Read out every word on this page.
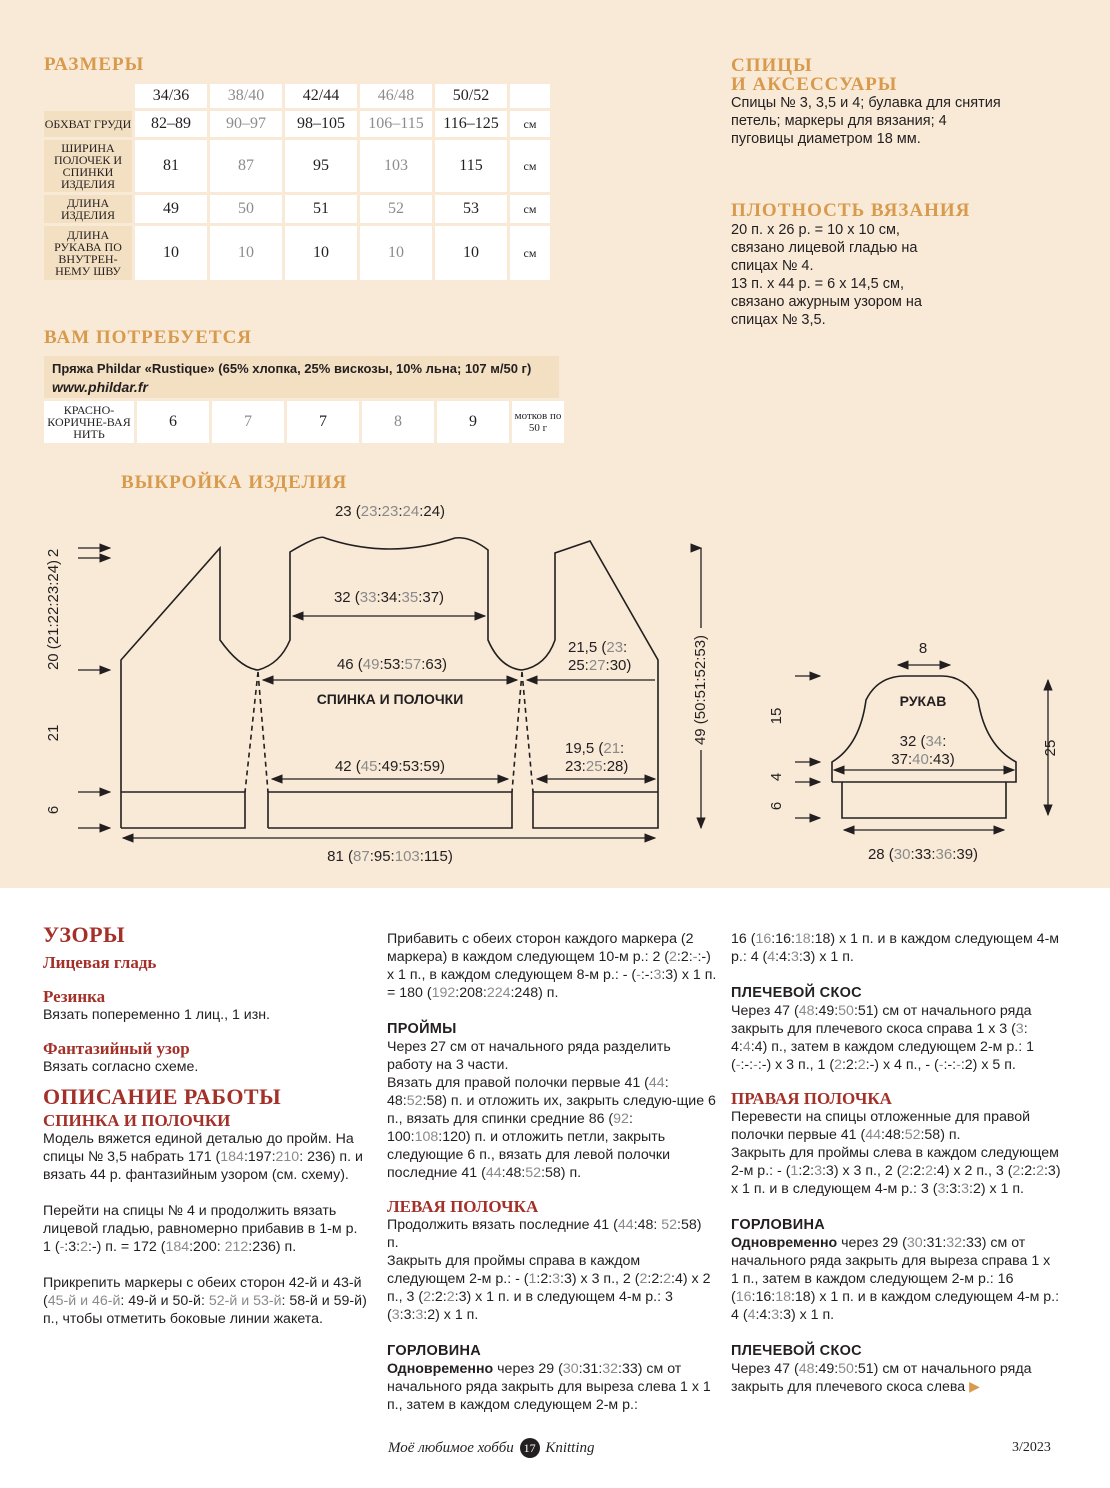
РАЗМЕРЫ
	34/36	38/40	42/44	46/48	50/52	
ОБХВАТ ГРУДИ	82–89	90–97	98–105	106–115	116–125	см
ШИРИНА ПОЛОЧЕК И СПИНКИ ИЗДЕЛИЯ	81	87	95	103	115	см
ДЛИНА ИЗДЕЛИЯ	49	50	51	52	53	см
ДЛИНА РУКАВА ПО ВНУТРЕН-НЕМУ ШВУ	10	10	10	10	10	см
СПИЦЫ
И АКСЕССУАРЫ
Спицы № 3, 3,5 и 4; булавка для снятия петель; маркеры для вязания; 4 пуговицы диаметром 18 мм.
ПЛОТНОСТЬ ВЯЗАНИЯ
20 п. х 26 р. = 10 х 10 см,
связано лицевой гладью на
спицах № 4.
13 п. х 44 р. = 6 х 14,5 см,
связано ажурным узором на
спицах № 3,5.
ВАМ ПОТРЕБУЕТСЯ
Пряжа Phildar «Rustique» (65% хлопка, 25% вискозы, 10% льна; 107 м/50 г)
www.phildar.fr
КРАСНО-КОРИЧНЕ-ВАЯ НИТЬ	6	7	7	8	9	мотков по 50 г
ВЫКРОЙКА ИЗДЕЛИЯ
23 (23:23:24:24)
32 (33:34:35:37)
46 (49:53:57:63)
СПИНКА И ПОЛОЧКИ
42 (45:49:53:59)
81 (87:95:103:115)
21,5 (23:
25:27:30)
19,5 (21:
23:25:28)
2
20 (21:22:23:24)
21
6
49 (50:51:52:53)	8
РУКАВ
32 (34:
37:40:43)
28 (30:33:36:39)
15
4
6
25
УЗОРЫ
Лицевая гладь
Резинка

Вязать попеременно 1 лиц., 1 изн.

Фантазийный узор

Вязать согласно схеме.

ОПИСАНИЕ РАБОТЫ
СПИНКА И ПОЛОЧКИ

Модель вяжется единой деталью до пройм. На спицы № 3,5 набрать 171 (184:197:210: 236) п. и вязать 44 р. фантазийным узором (см. схему).

Перейти на спицы № 4 и продолжить вязать лицевой гладью, равномерно прибавив в 1-м р. 1 (-:3:2:-) п. = 172 (184:200: 212:236) п.

Прикрепить маркеры с обеих сторон 42-й и 43-й (45-й и 46-й: 49-й и 50-й: 52-й и 53-й: 58-й и 59-й) п., чтобы отметить боковые линии жакета.

Прибавить с обеих сторон каждого маркера (2 маркера) в каждом следующем 10-м р.: 2 (2:2:-:-) х 1 п., в каждом следующем 8-м р.: - (-:-:3:3) х 1 п. = 180 (192:208:224:248) п.

ПРОЙМЫ

Через 27 см от начального ряда разделить работу на 3 части.

Вязать для правой полочки первые 41 (44: 48:52:58) п. и отложить их, закрыть следую-щие 6 п., вязать для спинки средние 86 (92: 100:108:120) п. и отложить петли, закрыть следующие 6 п., вязать для левой полочки последние 41 (44:48:52:58) п.

ЛЕВАЯ ПОЛОЧКА

Продолжить вязать последние 41 (44:48: 52:58) п.

Закрыть для проймы справа в каждом следующем 2-м р.: - (1:2:3:3) х 3 п., 2 (2:2:2:4) х 2 п., 3 (2:2:2:3) х 1 п. и в следующем 4-м р.: 3 (3:3:3:2) х 1 п.

ГОРЛОВИНА

Одновременно через 29 (30:31:32:33) см от начального ряда закрыть для выреза слева 1 х 1 п., затем в каждом следующем 2-м р.:

16 (16:16:18:18) х 1 п. и в каждом следующем 4-м р.: 4 (4:4:3:3) х 1 п.

ПЛЕЧЕВОЙ СКОС

Через 47 (48:49:50:51) см от начального ряда закрыть для плечевого скоса справа 1 х 3 (3: 4:4:4) п., затем в каждом следующем 2-м р.: 1 (-:-:-:-) х 3 п., 1 (2:2:2:-) х 4 п., - (-:-:-:2) х 5 п.

ПРАВАЯ ПОЛОЧКА

Перевести на спицы отложенные для правой полочки первые 41 (44:48:52:58) п.

Закрыть для проймы слева в каждом следующем 2-м р.: - (1:2:3:3) х 3 п., 2 (2:2:2:4) х 2 п., 3 (2:2:2:3) х 1 п. и в следующем 4-м р.: 3 (3:3:3:2) х 1 п.

ГОРЛОВИНА

Одновременно через 29 (30:31:32:33) см от начального ряда закрыть для выреза справа 1 х 1 п., затем в каждом следующем 2-м р.: 16 (16:16:18:18) х 1 п. и в каждом следующем 4-м р.: 4 (4:4:3:3) х 1 п.

ПЛЕЧЕВОЙ СКОС

Через 47 (48:49:50:51) см от начального ряда закрыть для плечевого скоса слева ▶

Моё любимое хобби 17 Knitting	3/2023
